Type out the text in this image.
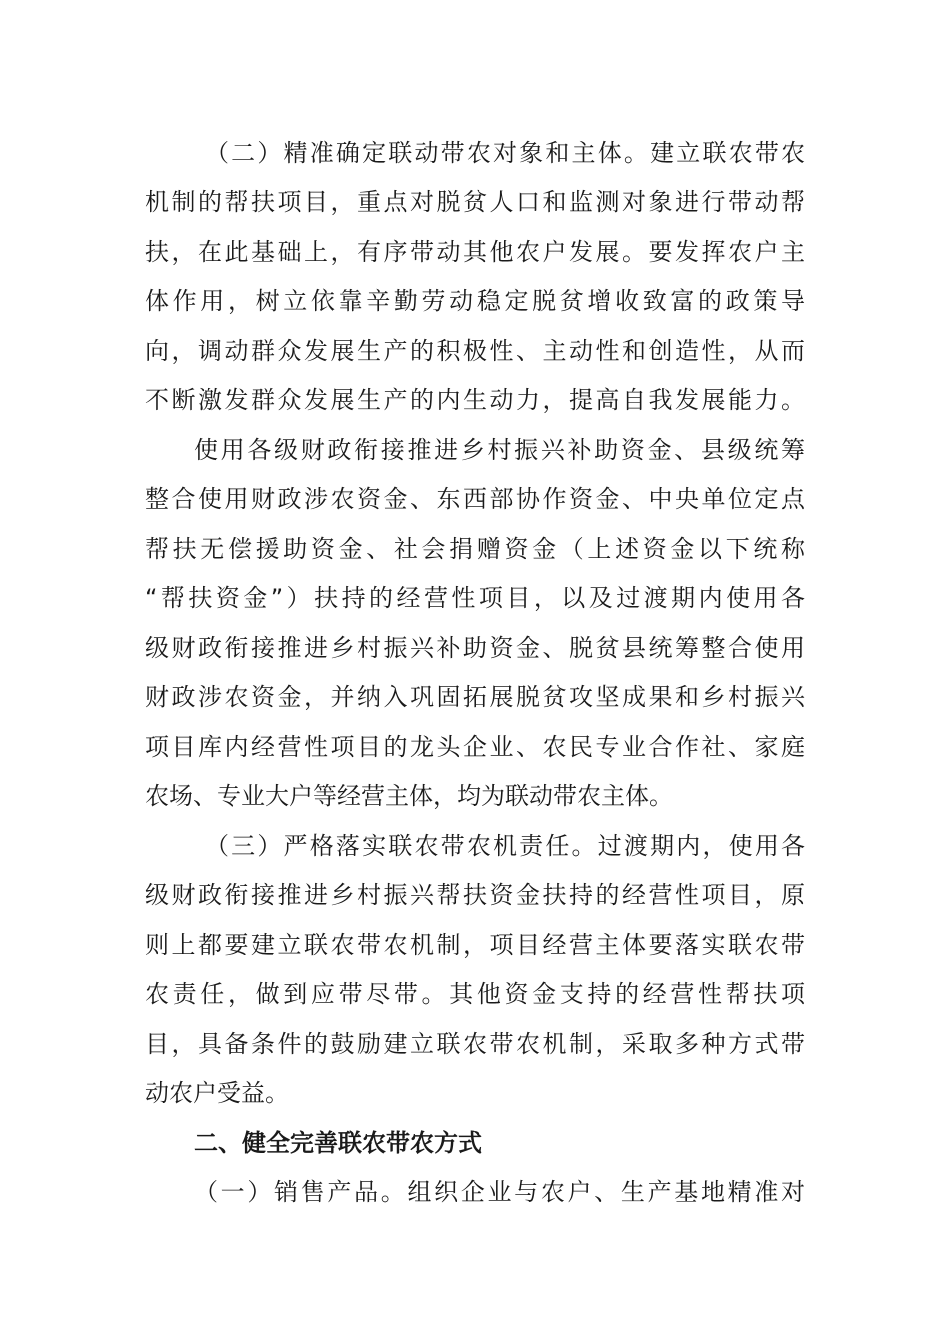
（二）精准确定联动带农对象和主体。建立联农带农
机制的帮扶项目，重点对脱贫人口和监测对象进行带动帮
扶，在此基础上，有序带动其他农户发展。要发挥农户主
体作用，树立依靠辛勤劳动稳定脱贫增收致富的政策导
向，调动群众发展生产的积极性、主动性和创造性，从而
不断激发群众发展生产的内生动力，提高自我发展能力。
使用各级财政衔接推进乡村振兴补助资金、县级统筹
整合使用财政涉农资金、东西部协作资金、中央单位定点
帮扶无偿援助资金、社会捐赠资金（上述资金以下统称
“帮扶资金”）扶持的经营性项目，以及过渡期内使用各
级财政衔接推进乡村振兴补助资金、脱贫县统筹整合使用
财政涉农资金，并纳入巩固拓展脱贫攻坚成果和乡村振兴
项目库内经营性项目的龙头企业、农民专业合作社、家庭
农场、专业大户等经营主体，均为联动带农主体。
（三）严格落实联农带农机责任。过渡期内，使用各
级财政衔接推进乡村振兴帮扶资金扶持的经营性项目，原
则上都要建立联农带农机制，项目经营主体要落实联农带
农责任，做到应带尽带。其他资金支持的经营性帮扶项
目，具备条件的鼓励建立联农带农机制，采取多种方式带
动农户受益。
二、健全完善联农带农方式
（一）销售产品。组织企业与农户、生产基地精准对
